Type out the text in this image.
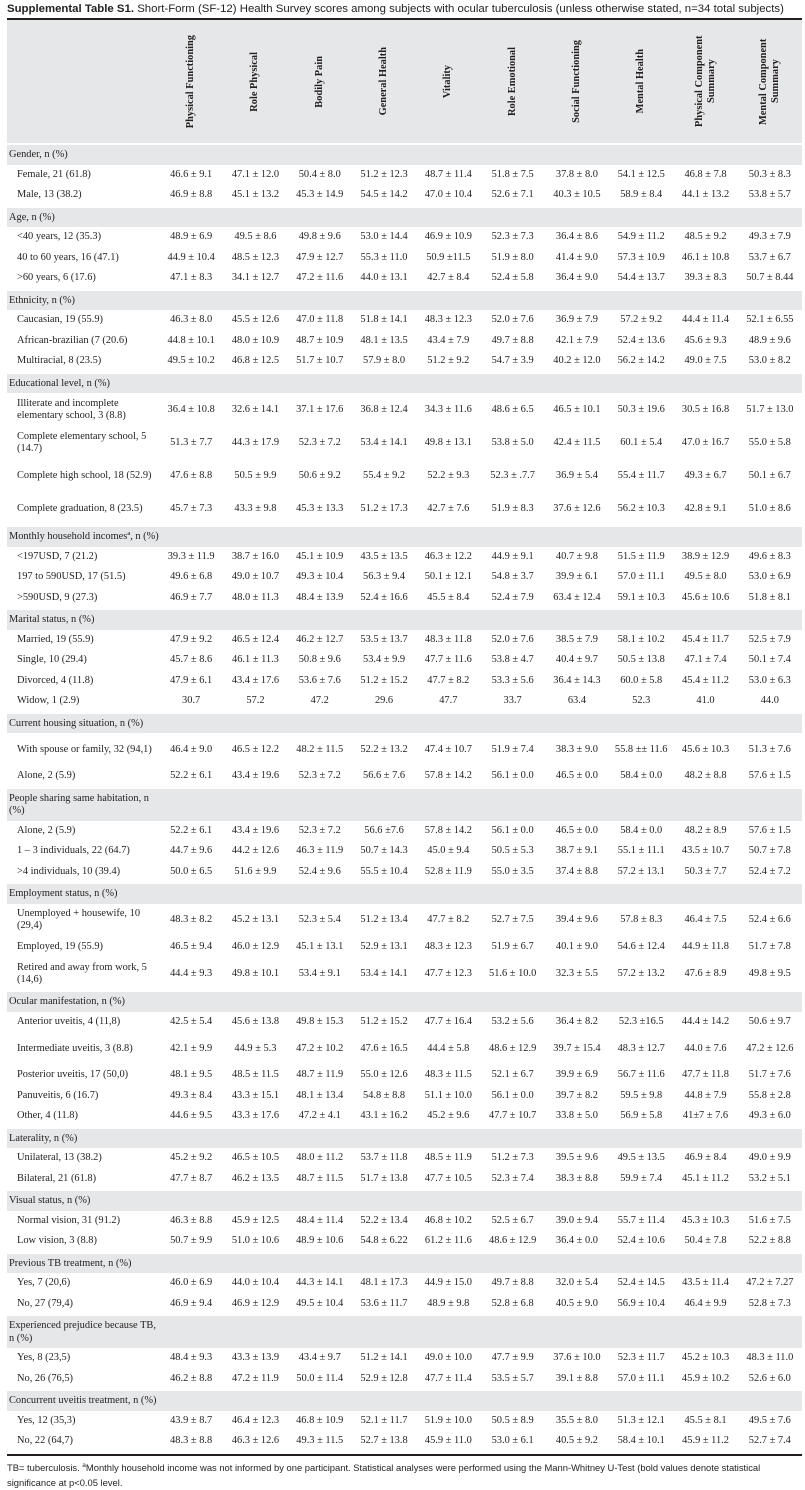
Supplemental Table S1. Short-Form (SF-12) Health Survey scores among subjects with ocular tuberculosis (unless otherwise stated, n=34 total subjects)

	Physical Functioning	Role Physical	Bodily Pain	General Health	Vitality	Role Emotional	Social Functioning	Mental Health	Physical Component Summary	Mental Component Summary

Gender, n (%)										
Female, 21 (61.8)	46.6 ± 9.1	47.1 ± 12.0	50.4 ± 8.0	51.2 ± 12.3	48.7 ± 11.4	51.8 ± 7.5	37.8 ± 8.0	54.1 ± 12.5	46.8 ± 7.8	50.3 ± 8.3
Male, 13 (38.2)	46.9 ± 8.8	45.1 ± 13.2	45.3 ± 14.9	54.5 ± 14.2	47.0 ± 10.4	52.6 ± 7.1	40.3 ± 10.5	58.9 ± 8.4	44.1 ± 13.2	53.8 ± 5.7
Age, n (%)										
<40 years, 12 (35.3)	48.9 ± 6.9	49.5 ± 8.6	49.8 ± 9.6	53.0 ± 14.4	46.9 ± 10.9	52.3 ± 7.3	36.4 ± 8.6	54.9 ± 11.2	48.5 ± 9.2	49.3 ± 7.9
40 to 60 years, 16 (47.1)	44.9 ± 10.4	48.5 ± 12.3	47.9 ± 12.7	55.3 ± 11.0	50.9 ±11.5	51.9 ± 8.0	41.4 ± 9.0	57.3 ± 10.9	46.1 ± 10.8	53.7 ± 6.7
>60 years, 6 (17.6)	47.1 ± 8.3	34.1 ± 12.7	47.2 ± 11.6	44.0 ± 13.1	42.7 ± 8.4	52.4 ± 5.8	36.4 ± 9.0	54.4 ± 13.7	39.3 ± 8.3	50.7 ± 8.44
Ethnicity, n (%)										
Caucasian, 19 (55.9)	46.3 ± 8.0	45.5 ± 12.6	47.0 ± 11.8	51.8 ± 14.1	48.3 ± 12.3	52.0 ± 7.6	36.9 ± 7.9	57.2 ± 9.2	44.4 ± 11.4	52.1 ± 6.55
African-brazilian (7 (20.6)	44.8 ± 10.1	48.0 ± 10.9	48.7 ± 10.9	48.1 ± 13.5	43.4 ± 7.9	49.7 ± 8.8	42.1 ± 7.9	52.4 ± 13.6	45.6 ± 9.3	48.9 ± 9.6
Multiracial, 8 (23.5)	49.5 ± 10.2	46.8 ± 12.5	51.7 ± 10.7	57.9 ± 8.0	51.2 ± 9.2	54.7 ± 3.9	40.2 ± 12.0	56.2 ± 14.2	49.0 ± 7.5	53.0 ± 8.2
Educational level, n (%)										
Illiterate and incomplete elementary school, 3 (8.8)	36.4 ± 10.8	32.6 ± 14.1	37.1 ± 17.6	36.8 ± 12.4	34.3 ± 11.6	48.6 ± 6.5	46.5 ± 10.1	50.3 ± 19.6	30.5 ± 16.8	51.7 ± 13.0
Complete elementary school, 5 (14.7)	51.3 ± 7.7	44.3 ± 17.9	52.3 ± 7.2	53.4 ± 14.1	49.8 ± 13.1	53.8 ± 5.0	42.4 ± 11.5	60.1 ± 5.4	47.0 ± 16.7	55.0 ± 5.8
Complete high school, 18 (52.9)	47.6 ± 8.8	50.5 ± 9.9	50.6 ± 9.2	55.4 ± 9.2	52.2 ± 9.3	52.3 ± .7.7	36.9 ± 5.4	55.4 ± 11.7	49.3 ± 6.7	50.1 ± 6.7
Complete graduation, 8 (23.5)	45.7 ± 7.3	43.3 ± 9.8	45.3 ± 13.3	51.2 ± 17.3	42.7 ± 7.6	51.9 ± 8.3	37.6 ± 12.6	56.2 ± 10.3	42.8 ± 9.1	51.0 ± 8.6
Monthly household incomesª, n (%)										
<197USD, 7 (21.2)	39.3 ± 11.9	38.7 ± 16.0	45.1 ± 10.9	43.5 ± 13.5	46.3 ± 12.2	44.9 ± 9.1	40.7 ± 9.8	51.5 ± 11.9	38.9 ± 12.9	49.6 ± 8.3
197 to 590USD, 17 (51.5)	49.6 ± 6.8	49.0 ± 10.7	49.3 ± 10.4	56.3 ± 9.4	50.1 ± 12.1	54.8 ± 3.7	39.9 ± 6.1	57.0 ± 11.1	49.5 ± 8.0	53.0 ± 6.9
>590USD, 9 (27.3)	46.9 ± 7.7	48.0 ± 11.3	48.4 ± 13.9	52.4 ± 16.6	45.5 ± 8.4	52.4 ± 7.9	63.4 ± 12.4	59.1 ± 10.3	45.6 ± 10.6	51.8 ± 8.1
Marital status, n (%)										
Married, 19 (55.9)	47.9 ± 9.2	46.5 ± 12.4	46.2 ± 12.7	53.5 ± 13.7	48.3 ± 11.8	52.0 ± 7.6	38.5 ± 7.9	58.1 ± 10.2	45.4 ± 11.7	52.5 ± 7.9
Single, 10 (29.4)	45.7 ± 8.6	46.1 ± 11.3	50.8 ± 9.6	53.4 ± 9.9	47.7 ± 11.6	53.8 ± 4.7	40.4 ± 9.7	50.5 ± 13.8	47.1 ± 7.4	50.1 ± 7.4
Divorced, 4 (11.8)	47.9 ± 6.1	43.4 ± 17.6	53.6 ± 7.6	51.2 ± 15.2	47.7 ± 8.2	53.3 ± 5.6	36.4 ± 14.3	60.0 ± 5.8	45.4 ± 11.2	53.0 ± 6.3
Widow, 1 (2.9)	30.7	57.2	47.2	29.6	47.7	33.7	63.4	52.3	41.0	44.0
Current housing situation, n (%)										
With spouse or family, 32 (94,1)	46.4 ± 9.0	46.5 ± 12.2	48.2 ± 11.5	52.2 ± 13.2	47.4 ± 10.7	51.9 ± 7.4	38.3 ± 9.0	55.8 ±± 11.6	45.6 ± 10.3	51.3 ± 7.6
Alone, 2 (5.9)	52.2 ± 6.1	43.4 ± 19.6	52.3 ± 7.2	56.6 ± 7.6	57.8 ± 14.2	56.1 ± 0.0	46.5 ± 0.0	58.4 ± 0.0	48.2 ± 8.8	57.6 ± 1.5
People sharing same habitation, n (%)										
Alone, 2 (5.9)	52.2 ± 6.1	43.4 ± 19.6	52.3 ± 7.2	56.6 ±7.6	57.8 ± 14.2	56.1 ± 0.0	46.5 ± 0.0	58.4 ± 0.0	48.2 ± 8.9	57.6 ± 1.5
1 – 3 individuals, 22 (64.7)	44.7 ± 9.6	44.2 ± 12.6	46.3 ± 11.9	50.7 ± 14.3	45.0 ± 9.4	50.5 ± 5.3	38.7 ± 9.1	55.1 ± 11.1	43.5 ± 10.7	50.7 ± 7.8
>4 individuals, 10 (39.4)	50.0 ± 6.5	51.6 ± 9.9	52.4 ± 9.6	55.5 ± 10.4	52.8 ± 11.9	55.0 ± 3.5	37.4 ± 8.8	57.2 ± 13.1	50.3 ± 7.7	52.4 ± 7.2
Employment status, n (%)										
Unemployed + housewife, 10 (29,4)	48.3 ± 8.2	45.2 ± 13.1	52.3 ± 5.4	51.2 ± 13.4	47.7 ± 8.2	52.7 ± 7.5	39.4 ± 9.6	57.8 ± 8.3	46.4 ± 7.5	52.4 ± 6.6
Employed, 19 (55.9)	46.5 ± 9.4	46.0 ± 12.9	45.1 ± 13.1	52.9 ± 13.1	48.3 ± 12.3	51.9 ± 6.7	40.1 ± 9.0	54.6 ± 12.4	44.9 ± 11.8	51.7 ± 7.8
Retired and away from work, 5 (14,6)	44.4 ± 9.3	49.8 ± 10.1	53.4 ± 9.1	53.4 ± 14.1	47.7 ± 12.3	51.6 ± 10.0	32.3 ± 5.5	57.2 ± 13.2	47.6 ± 8.9	49.8 ± 9.5
Ocular manifestation, n (%)										
Anterior uveitis, 4 (11,8)	42.5 ± 5.4	45.6 ± 13.8	49.8 ± 15.3	51.2 ± 15.2	47.7 ± 16.4	53.2 ± 5.6	36.4 ± 8.2	52.3 ±16.5	44.4 ± 14.2	50.6 ± 9.7
Intermediate uveitis, 3 (8.8)	42.1 ± 9.9	44.9 ± 5.3	47.2 ± 10.2	47.6 ± 16.5	44.4 ± 5.8	48.6 ± 12.9	39.7 ± 15.4	48.3 ± 12.7	44.0 ± 7.6	47.2 ± 12.6
Posterior uveitis, 17 (50,0)	48.1 ± 9.5	48.5 ± 11.5	48.7 ± 11.9	55.0 ± 12.6	48.3 ± 11.5	52.1 ± 6.7	39.9 ± 6.9	56.7 ± 11.6	47.7 ± 11.8	51.7 ± 7.6
Panuveitis, 6 (16.7)	49.3 ± 8.4	43.3 ± 15.1	48.1 ± 13.4	54.8 ± 8.8	51.1 ± 10.0	56.1 ± 0.0	39.7 ± 8.2	59.5 ± 9.8	44.8 ± 7.9	55.8 ± 2.8
Other, 4 (11.8)	44.6 ± 9.5	43.3 ± 17.6	47.2 ± 4.1	43.1 ± 16.2	45.2 ± 9.6	47.7 ± 10.7	33.8 ± 5.0	56.9 ± 5.8	41±7 ± 7.6	49.3 ± 6.0
Laterality, n (%)										
Unilateral, 13 (38.2)	45.2 ± 9.2	46.5 ± 10.5	48.0 ± 11.2	53.7 ± 11.8	48.5 ± 11.9	51.2 ± 7.3	39.5 ± 9.6	49.5 ± 13.5	46.9 ± 8.4	49.0 ± 9.9
Bilateral, 21 (61.8)	47.7 ± 8.7	46.2 ± 13.5	48.7 ± 11.5	51.7 ± 13.8	47.7 ± 10.5	52.3 ± 7.4	38.3 ± 8.8	59.9 ± 7.4	45.1 ± 11.2	53.2 ± 5.1
Visual status, n (%)										
Normal vision, 31 (91.2)	46.3 ± 8.8	45.9 ± 12.5	48.4 ± 11.4	52.2 ± 13.4	46.8 ± 10.2	52.5 ± 6.7	39.0 ± 9.4	55.7 ± 11.4	45.3 ± 10.3	51.6 ± 7.5
Low vision, 3 (8.8)	50.7 ± 9.9	51.0 ± 10.6	48.9 ± 10.6	54.8 ± 6.22	61.2 ± 11.6	48.6 ± 12.9	36.4 ± 0.0	52.4 ± 10.6	50.4 ± 7.8	52.2 ± 8.8
Previous TB treatment, n (%)										
Yes, 7 (20,6)	46.0 ± 6.9	44.0 ± 10.4	44.3 ± 14.1	48.1 ± 17.3	44.9 ± 15.0	49.7 ± 8.8	32.0 ± 5.4	52.4 ± 14.5	43.5 ± 11.4	47.2 ± 7.27
No, 27 (79,4)	46.9 ± 9.4	46.9 ± 12.9	49.5 ± 10.4	53.6 ± 11.7	48.9 ± 9.8	52.8 ± 6.8	40.5 ± 9.0	56.9 ± 10.4	46.4 ± 9.9	52.8 ± 7.3
Experienced prejudice because TB, n (%)										
Yes, 8 (23,5)	48.4 ± 9.3	43.3 ± 13.9	43.4 ± 9.7	51.2 ± 14.1	49.0 ± 10.0	47.7 ± 9.9	37.6 ± 10.0	52.3 ± 11.7	45.2 ± 10.3	48.3 ± 11.0
No, 26 (76,5)	46.2 ± 8.8	47.2 ± 11.9	50.0 ± 11.4	52.9 ± 12.8	47.7 ± 11.4	53.5 ± 5.7	39.1 ± 8.8	57.0 ± 11.1	45.9 ± 10.2	52.6 ± 6.0
Concurrent uveitis treatment, n (%)										
Yes, 12 (35,3)	43.9 ± 8.7	46.4 ± 12.3	46.8 ± 10.9	52.1 ± 11.7	51.9 ± 10.0	50.5 ± 8.9	35.5 ± 8.0	51.3 ± 12.1	45.5 ± 8.1	49.5 ± 7.6
No, 22 (64,7)	48.3 ± 8.8	46.3 ± 12.6	49.3 ± 11.5	52.7 ± 13.8	45.9 ± 11.0	53.0 ± 6.1	40.5 ± 9.2	58.4 ± 10.1	45.9 ± 11.2	52.7 ± 7.4
TB= tuberculosis. $^a$Monthly household income was not informed by one participant. Statistical analyses were performed using the Mann-Whitney U-Test (bold values denote statistical significance at p<0.05 level.
